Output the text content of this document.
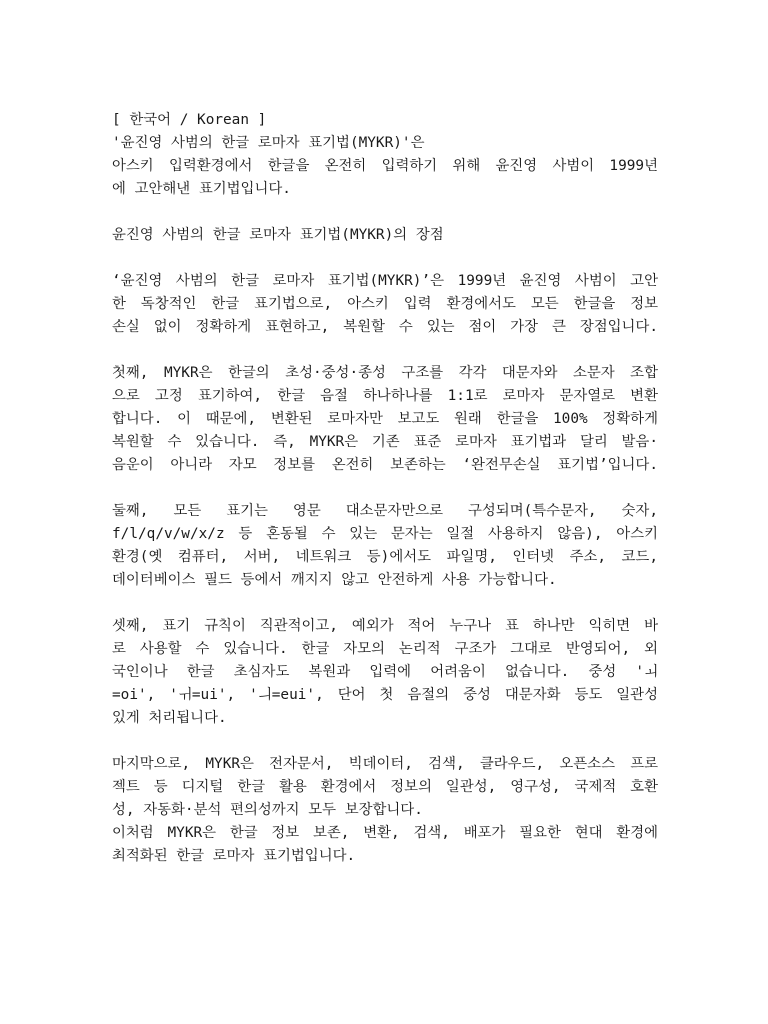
[ 한국어 / Korean ]
'윤진영 사범의 한글 로마자 표기법(MYKR)'은
아스키 입력환경에서 한글을 온전히 입력하기 위해 윤진영 사범이 1999년
에 고안해낸 표기법입니다.
윤진영 사범의 한글 로마자 표기법(MYKR)의 장점
‘윤진영 사범의 한글 로마자 표기법(MYKR)’은 1999년 윤진영 사범이 고안
한 독창적인 한글 표기법으로, 아스키 입력 환경에서도 모든 한글을 정보
손실 없이 정확하게 표현하고, 복원할 수 있는 점이 가장 큰 장점입니다.
첫째, MYKR은 한글의 초성·중성·종성 구조를 각각 대문자와 소문자 조합
으로 고정 표기하여, 한글 음절 하나하나를 1:1로 로마자 문자열로 변환
합니다. 이 때문에, 변환된 로마자만 보고도 원래 한글을 100% 정확하게
복원할 수 있습니다. 즉, MYKR은 기존 표준 로마자 표기법과 달리 발음·
음운이 아니라 자모 정보를 온전히 보존하는 ‘완전무손실 표기법’입니다.
둘째, 모든 표기는 영문 대소문자만으로 구성되며(특수문자, 숫자,
f/l/q/v/w/x/z 등 혼동될 수 있는 문자는 일절 사용하지 않음), 아스키
환경(옛 컴퓨터, 서버, 네트워크 등)에서도 파일명, 인터넷 주소, 코드,
데이터베이스 필드 등에서 깨지지 않고 안전하게 사용 가능합니다.
셋째, 표기 규칙이 직관적이고, 예외가 적어 누구나 표 하나만 익히면 바
로 사용할 수 있습니다. 한글 자모의 논리적 구조가 그대로 반영되어, 외
국인이나 한글 초심자도 복원과 입력에 어려움이 없습니다. 중성 'ㅚ
=oi', 'ㅟ=ui', 'ㅢ=eui', 단어 첫 음절의 중성 대문자화 등도 일관성
있게 처리됩니다.
마지막으로, MYKR은 전자문서, 빅데이터, 검색, 클라우드, 오픈소스 프로
젝트 등 디지털 한글 활용 환경에서 정보의 일관성, 영구성, 국제적 호환
성, 자동화·분석 편의성까지 모두 보장합니다.
이처럼 MYKR은 한글 정보 보존, 변환, 검색, 배포가 필요한 현대 환경에
최적화된 한글 로마자 표기법입니다.
